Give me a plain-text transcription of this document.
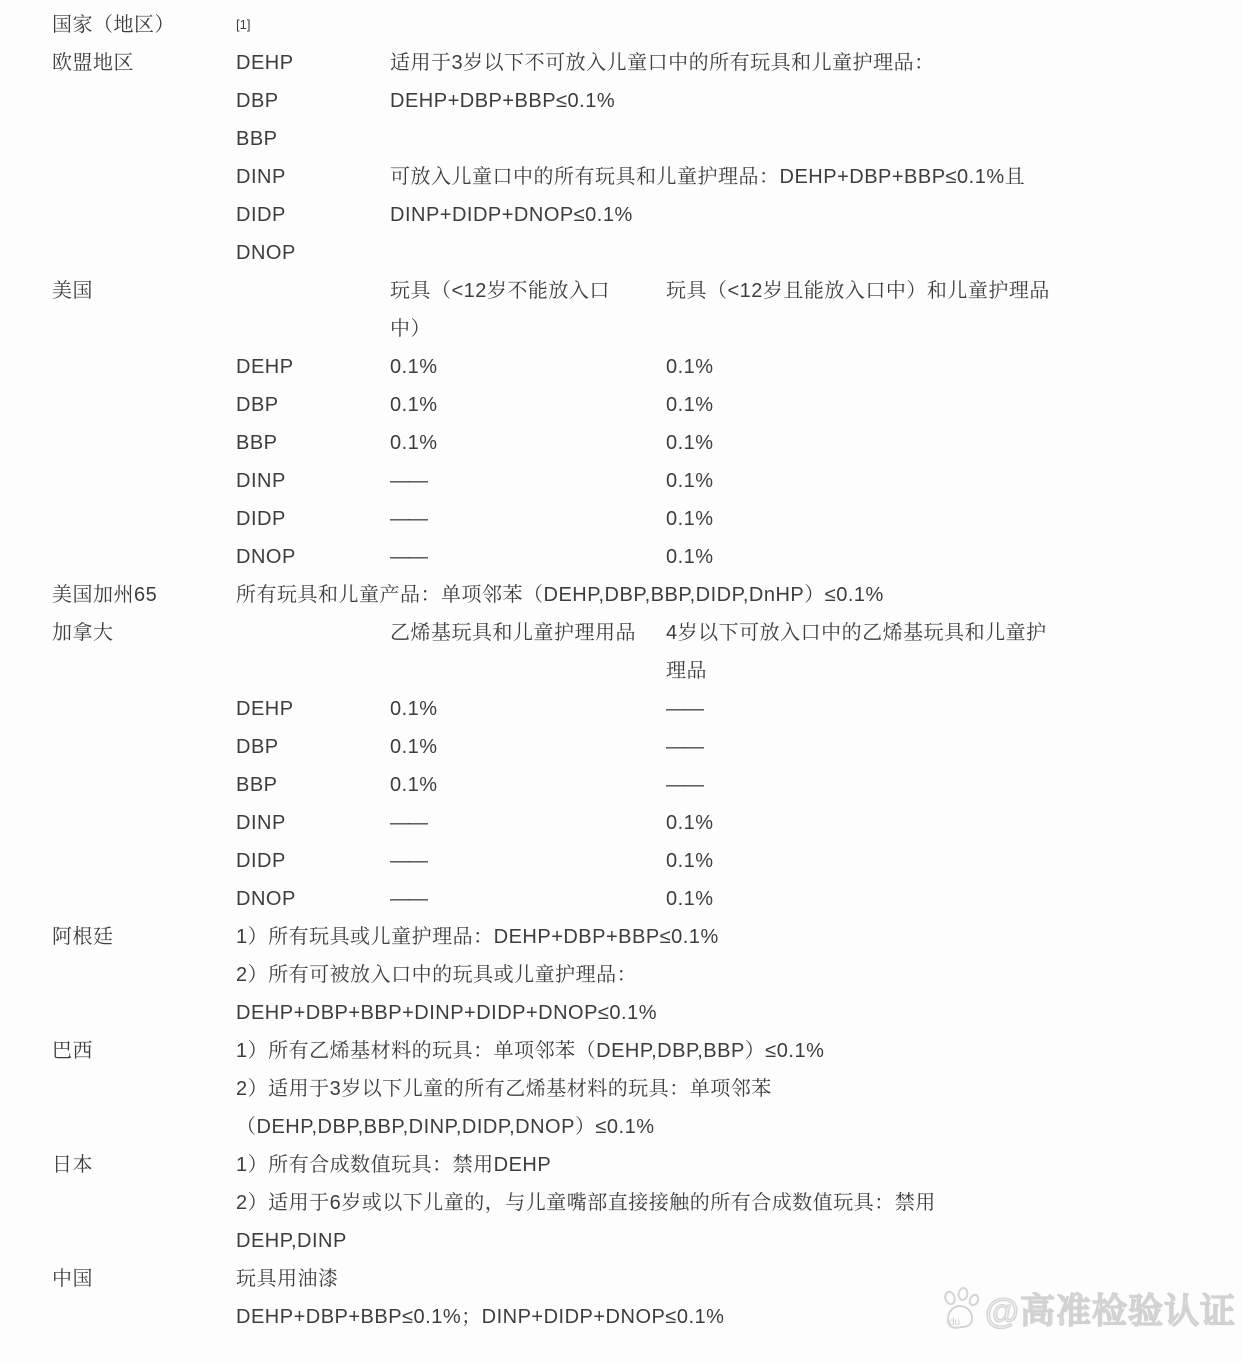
国家（地区）	[1]
欧盟地区	DEHP	适用于3岁以下不可放入儿童口中的所有玩具和儿童护理品：
DBP	DEHP+DBP+BBP≤0.1%
BBP
DINP	可放入儿童口中的所有玩具和儿童护理品：DEHP+DBP+BBP≤0.1%且
DIDP	DINP+DIDP+DNOP≤0.1%
DNOP
美国	玩具（<12岁不能放入口	玩具（<12岁且能放入口中）和儿童护理品
中）
DEHP	0.1%	0.1%
DBP	0.1%	0.1%
BBP	0.1%	0.1%
DINP	——	0.1%
DIDP	——	0.1%
DNOP	——	0.1%
美国加州65	所有玩具和儿童产品：单项邻苯（DEHP,DBP,BBP,DIDP,DnHP）≤0.1%
加拿大	乙烯基玩具和儿童护理用品	4岁以下可放入口中的乙烯基玩具和儿童护
理品
DEHP	0.1%	——
DBP	0.1%	——
BBP	0.1%	——
DINP	——	0.1%
DIDP	——	0.1%
DNOP	——	0.1%
阿根廷	1）所有玩具或儿童护理品：DEHP+DBP+BBP≤0.1%
2）所有可被放入口中的玩具或儿童护理品：
DEHP+DBP+BBP+DINP+DIDP+DNOP≤0.1%
巴西	1）所有乙烯基材料的玩具：单项邻苯（DEHP,DBP,BBP）≤0.1%
2）适用于3岁以下儿童的所有乙烯基材料的玩具：单项邻苯
（DEHP,DBP,BBP,DINP,DIDP,DNOP）≤0.1%
日本	1）所有合成数值玩具：禁用DEHP
2）适用于6岁或以下儿童的，与儿童嘴部直接接触的所有合成数值玩具：禁用
DEHP,DINP
中国	玩具用油漆
DEHP+DBP+BBP≤0.1%；DINP+DIDP+DNOP≤0.1%	du @高准检验认证
